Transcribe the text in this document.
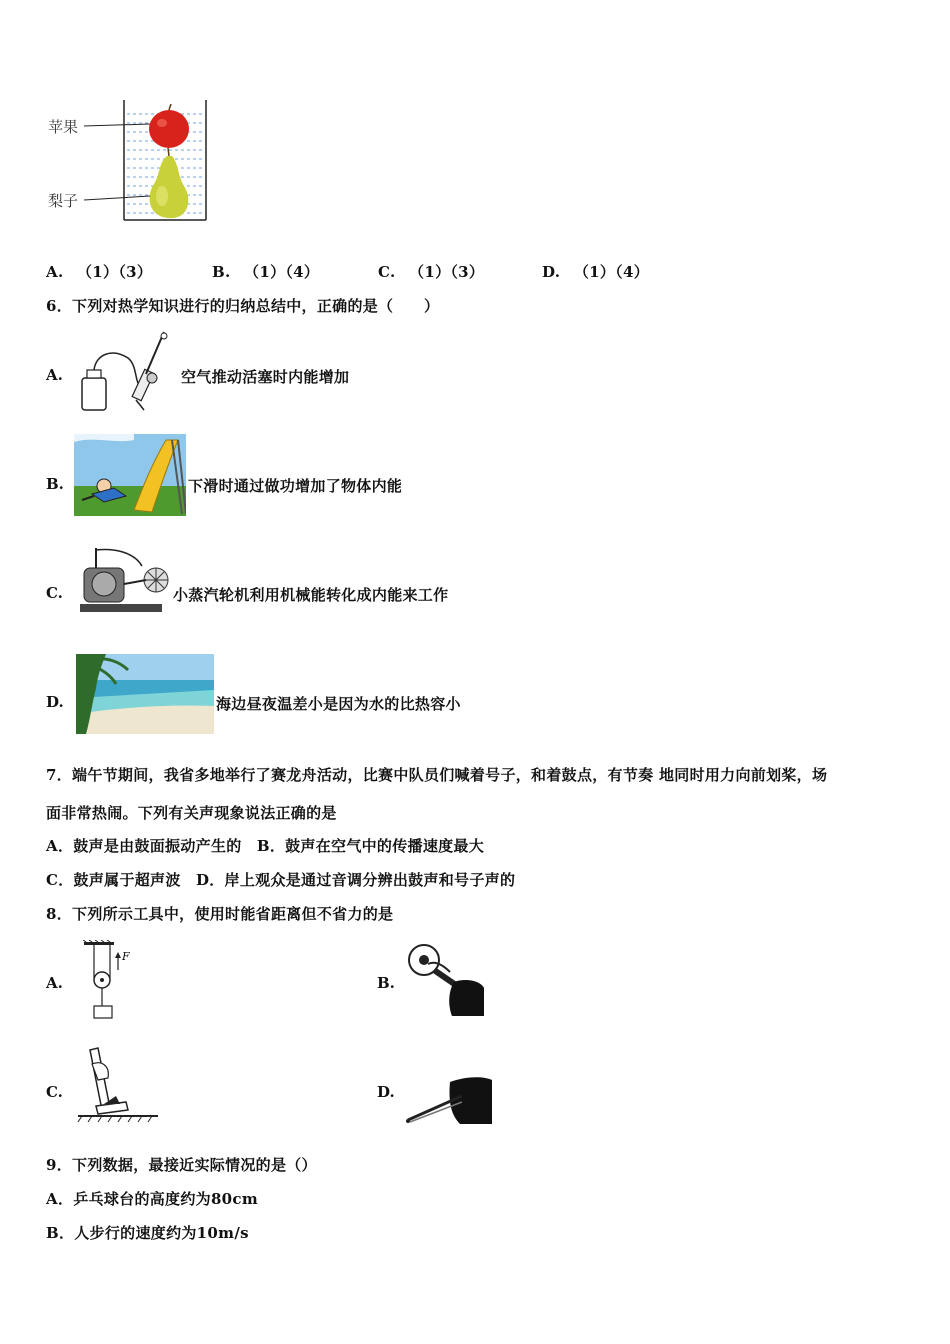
苹果
梨子
A. （1）（3）	B. （1）（4）	C. （1）（3）	D. （1）（4）
6．下列对热学知识进行的归纳总结中，正确的是（　　）
A.	空气推动活塞时内能增加
B.	下滑时通过做功增加了物体内能
C.	小蒸汽轮机利用机械能转化成内能来工作
D.	海边昼夜温差小是因为水的比热容小
7．端午节期间，我省多地举行了赛龙舟活动，比赛中队员们喊着号子，和着鼓点，有节奏 地同时用力向前划桨，场
面非常热闹。下列有关声现象说法正确的是
A．鼓声是由鼓面振动产生的　B．鼓声在空气中的传播速度最大
C．鼓声属于超声波　D．岸上观众是通过音调分辨出鼓声和号子声的
8．下列所示工具中，使用时能省距离但不省力的是
A.
F
B.
C.	D.
9．下列数据，最接近实际情况的是（）
A．乒乓球台的高度约为80cm
B．人步行的速度约为10m/s
